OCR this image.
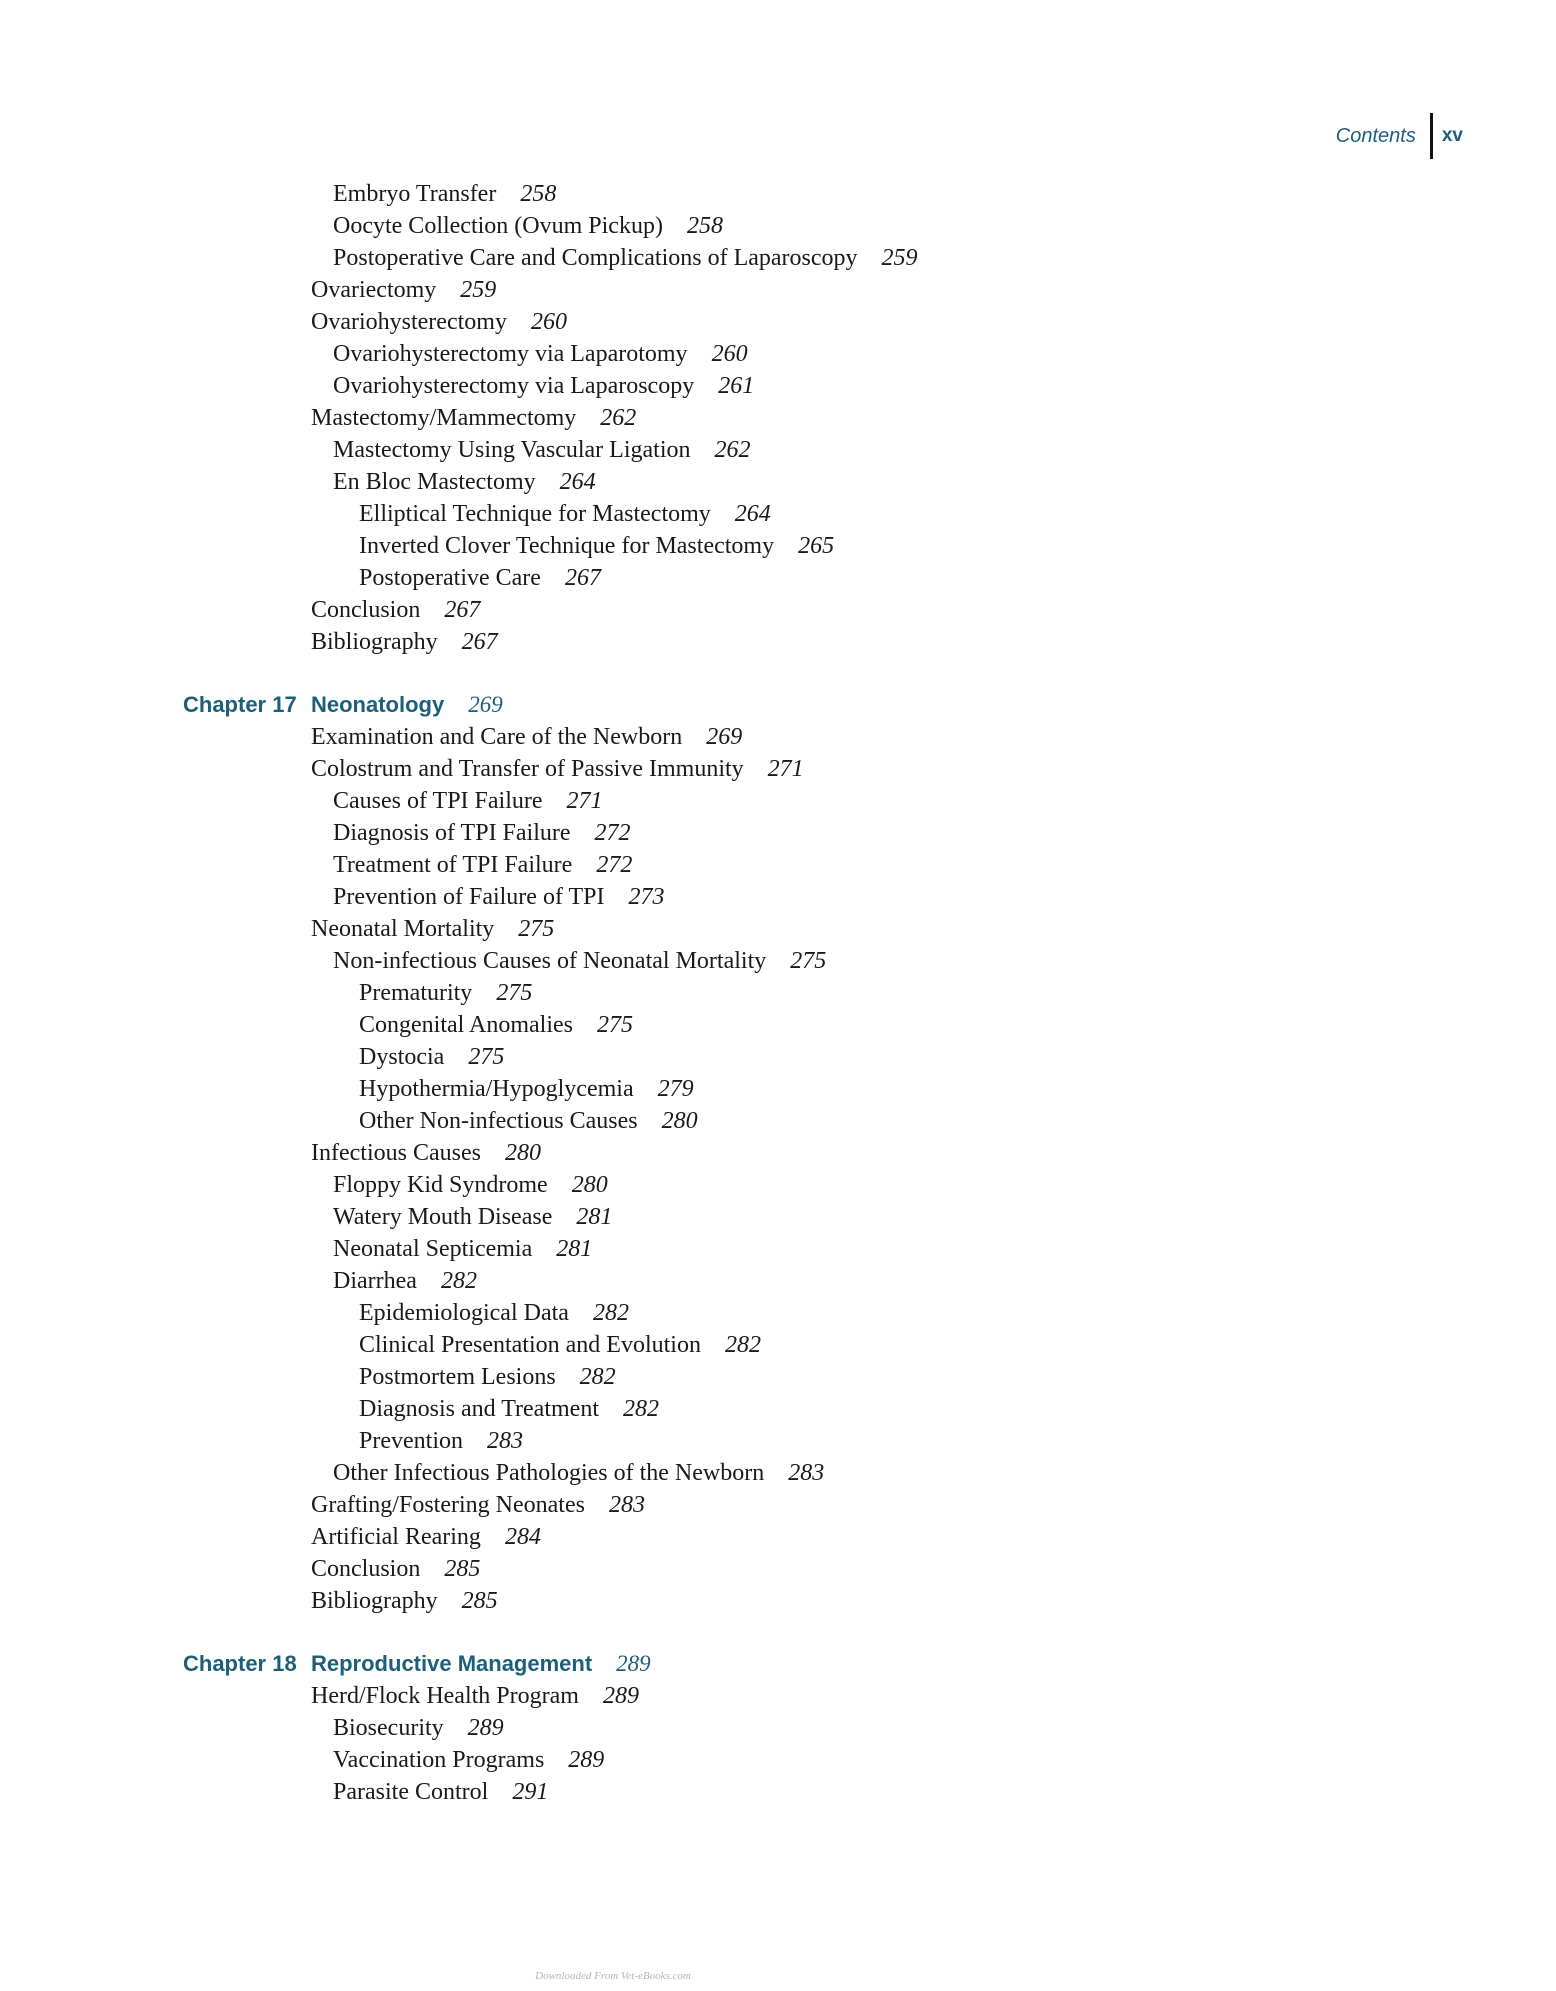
Contents	xv
Embryo Transfer 258
Oocyte Collection (Ovum Pickup) 258
Postoperative Care and Complications of Laparoscopy 259
Ovariectomy 259
Ovariohysterectomy 260
Ovariohysterectomy via Laparotomy 260
Ovariohysterectomy via Laparoscopy 261
Mastectomy/Mammectomy 262
Mastectomy Using Vascular Ligation 262
En Bloc Mastectomy 264
Elliptical Technique for Mastectomy 264
Inverted Clover Technique for Mastectomy 265
Postoperative Care 267
Conclusion 267
Bibliography 267
Chapter 17 Neonatology 269
Examination and Care of the Newborn 269
Colostrum and Transfer of Passive Immunity 271
Causes of TPI Failure 271
Diagnosis of TPI Failure 272
Treatment of TPI Failure 272
Prevention of Failure of TPI 273
Neonatal Mortality 275
Non-infectious Causes of Neonatal Mortality 275
Prematurity 275
Congenital Anomalies 275
Dystocia 275
Hypothermia/Hypoglycemia 279
Other Non-infectious Causes 280
Infectious Causes 280
Floppy Kid Syndrome 280
Watery Mouth Disease 281
Neonatal Septicemia 281
Diarrhea 282
Epidemiological Data 282
Clinical Presentation and Evolution 282
Postmortem Lesions 282
Diagnosis and Treatment 282
Prevention 283
Other Infectious Pathologies of the Newborn 283
Grafting/Fostering Neonates 283
Artificial Rearing 284
Conclusion 285
Bibliography 285
Chapter 18 Reproductive Management 289
Herd/Flock Health Program 289
Biosecurity 289
Vaccination Programs 289
Parasite Control 291
Downloaded From Vet-eBooks.com
